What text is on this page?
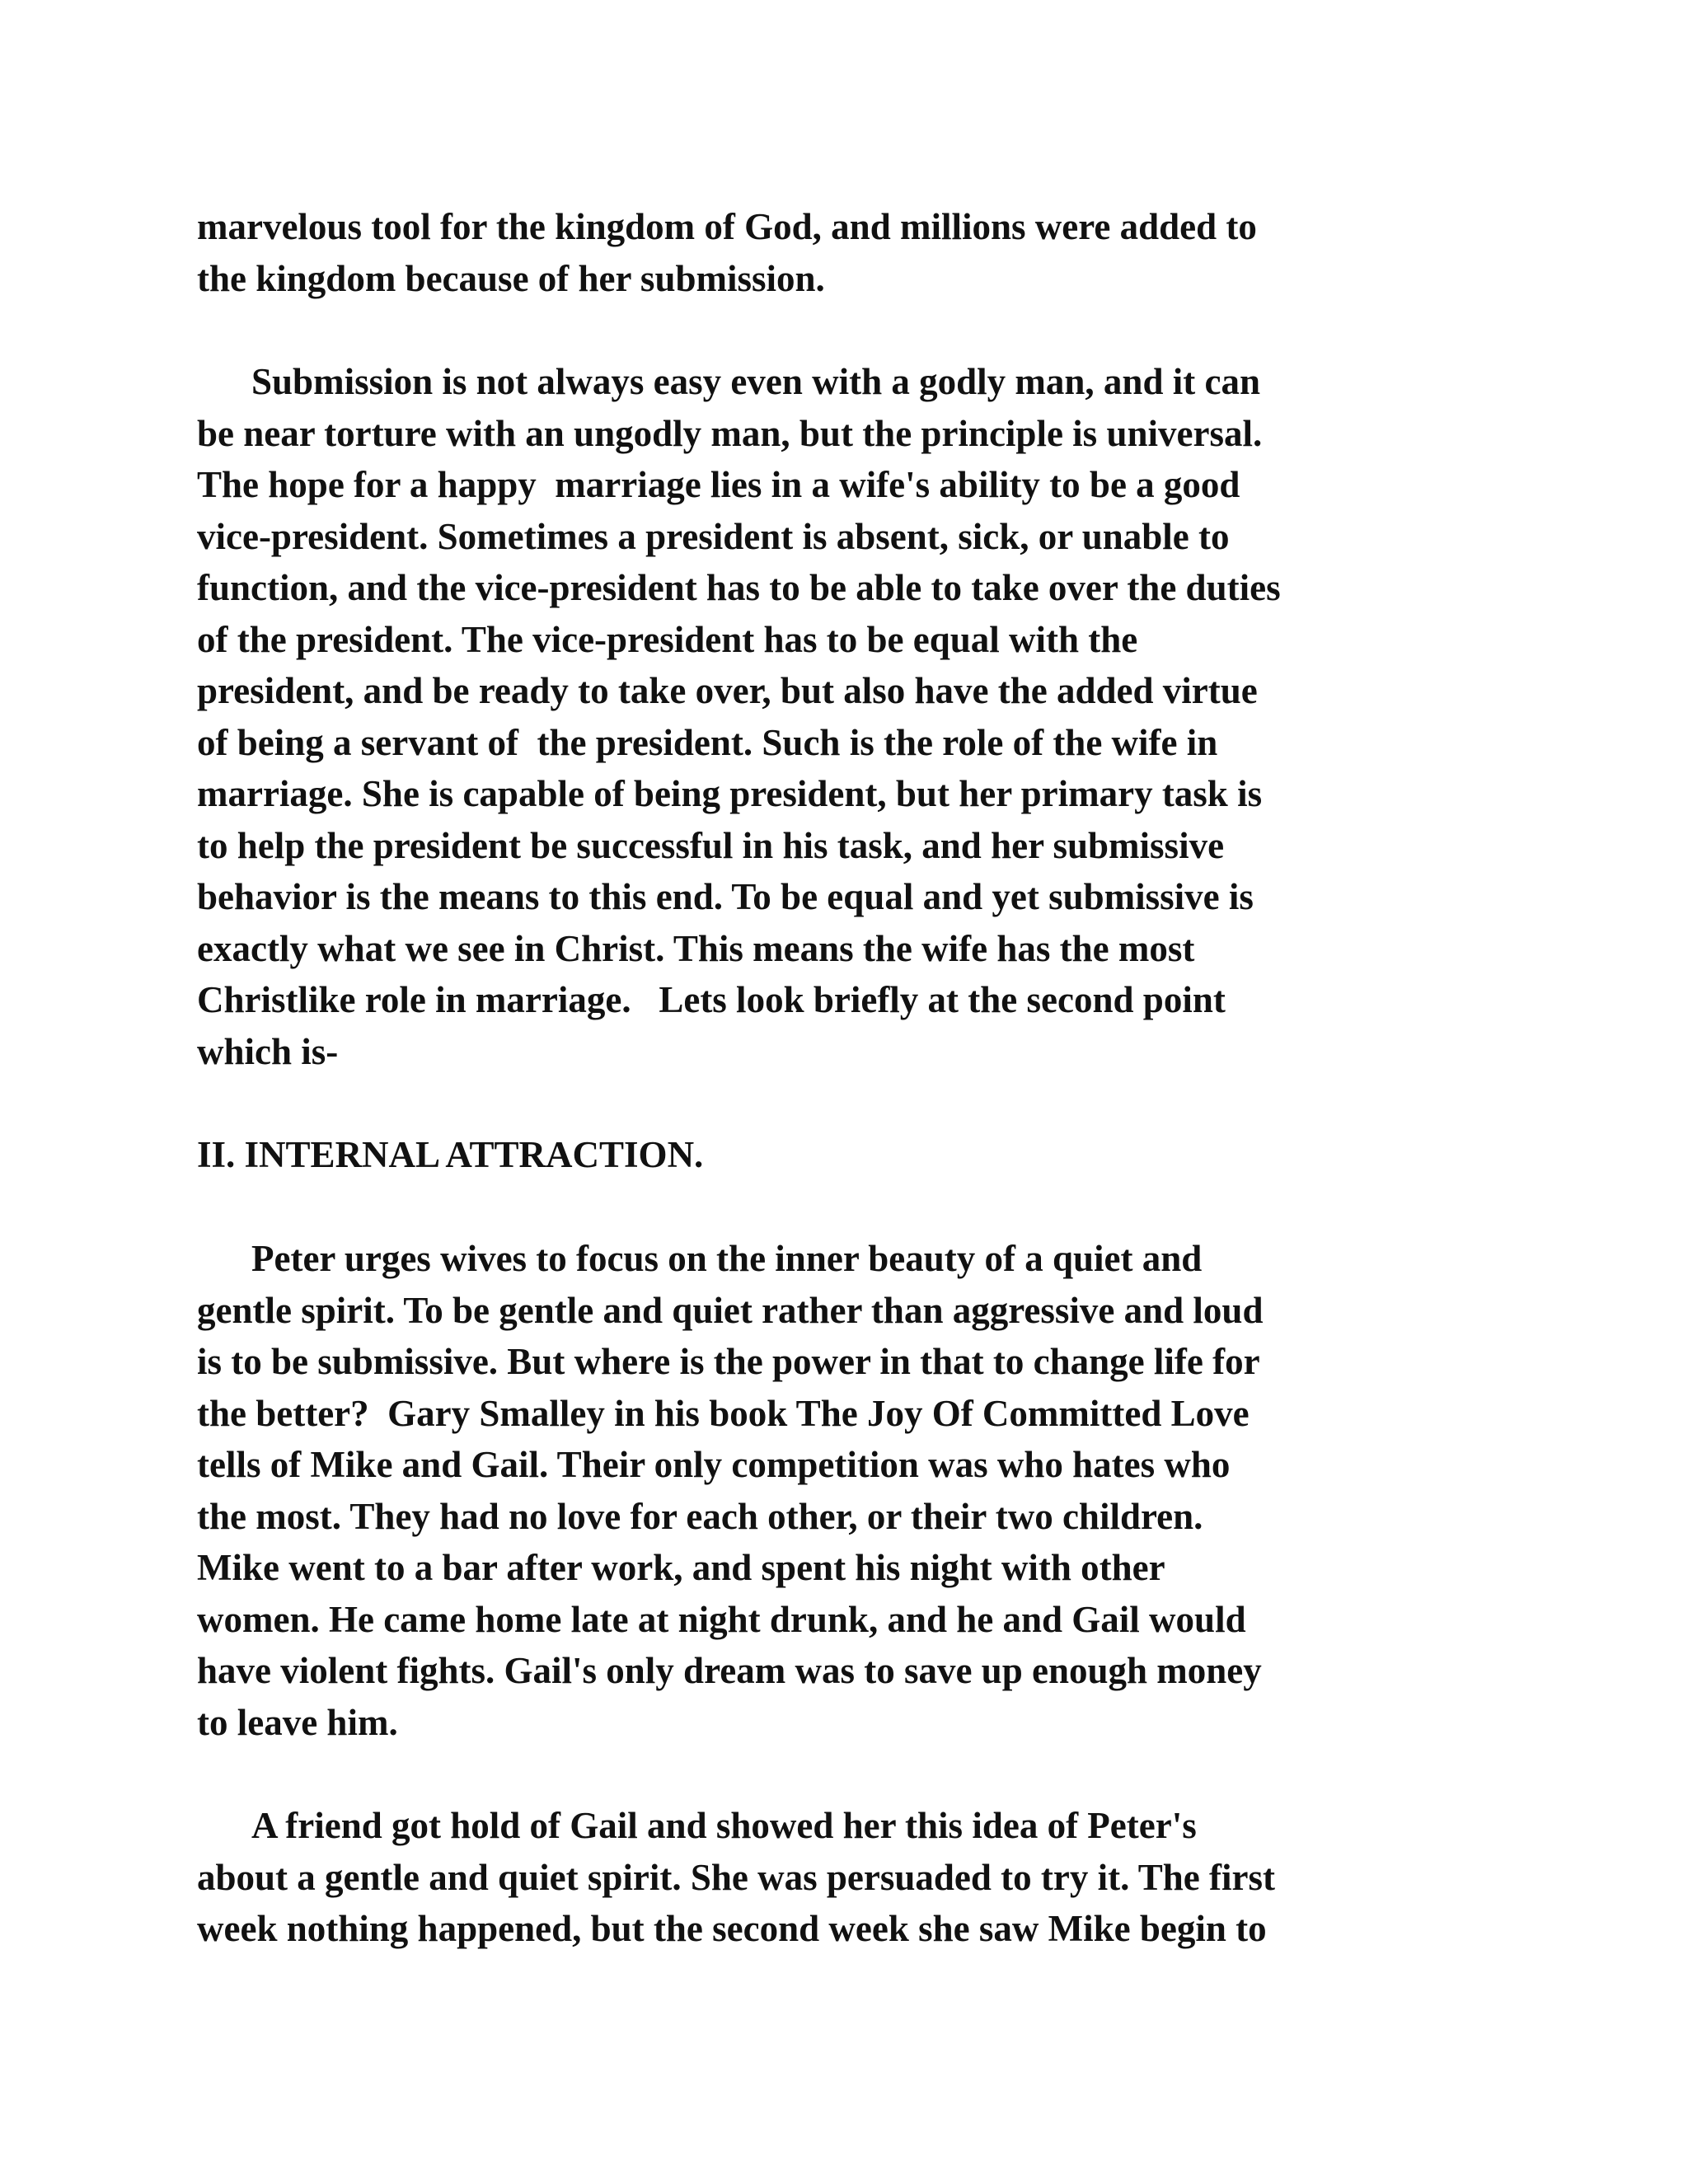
marvelous tool for the kingdom of God, and millions were added to
the kingdom because of her submission.
Submission is not always easy even with a godly man, and it can
be near torture with an ungodly man, but the principle is universal.
The hope for a happy  marriage lies in a wife's ability to be a good
vice-president. Sometimes a president is absent, sick, or unable to
function, and the vice-president has to be able to take over the duties
of the president. The vice-president has to be equal with the
president, and be ready to take over, but also have the added virtue
of being a servant of  the president. Such is the role of the wife in
marriage. She is capable of being president, but her primary task is
to help the president be successful in his task, and her submissive
behavior is the means to this end. To be equal and yet submissive is
exactly what we see in Christ. This means the wife has the most
Christlike role in marriage.   Lets look briefly at the second point
which is-
II. INTERNAL ATTRACTION.
Peter urges wives to focus on the inner beauty of a quiet and
gentle spirit. To be gentle and quiet rather than aggressive and loud
is to be submissive. But where is the power in that to change life for
the better?  Gary Smalley in his book The Joy Of Committed Love
tells of Mike and Gail. Their only competition was who hates who
the most. They had no love for each other, or their two children.
Mike went to a bar after work, and spent his night with other
women. He came home late at night drunk, and he and Gail would
have violent fights. Gail's only dream was to save up enough money
to leave him.
A friend got hold of Gail and showed her this idea of Peter's
about a gentle and quiet spirit. She was persuaded to try it. The first
week nothing happened, but the second week she saw Mike begin to
